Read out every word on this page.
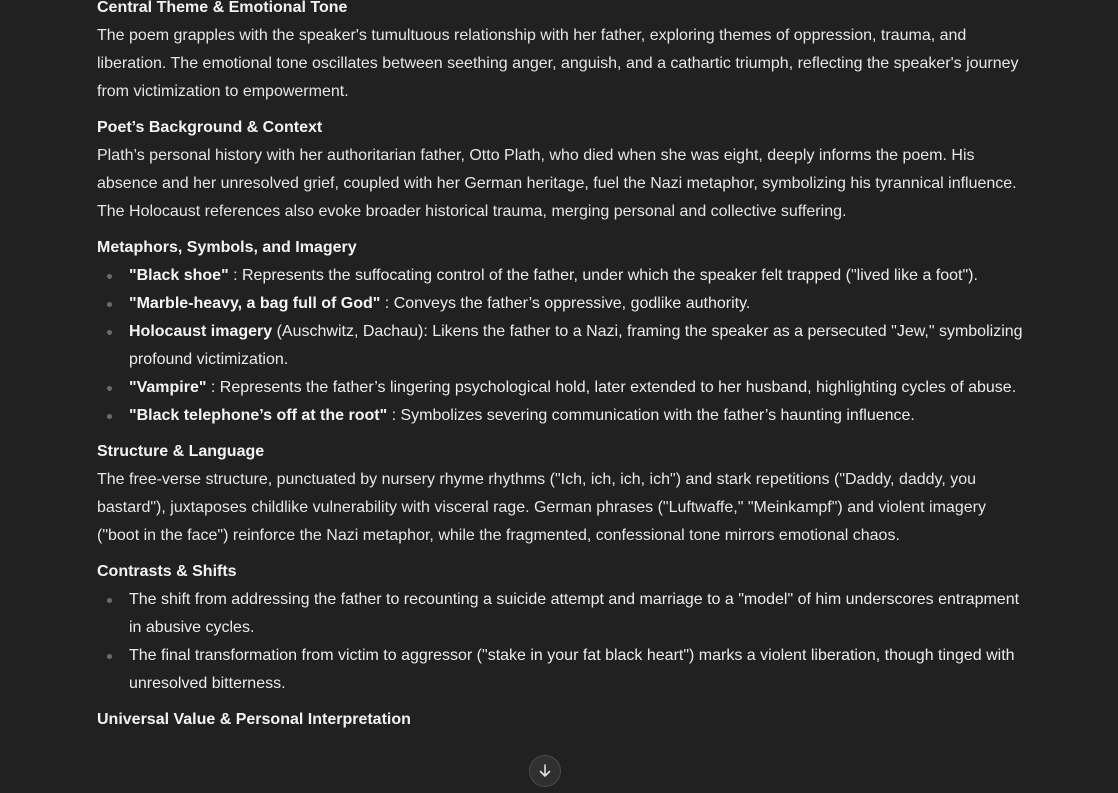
Central Theme & Emotional Tone

The poem grapples with the speaker's tumultuous relationship with her father, exploring themes of oppression, trauma, and liberation. The emotional tone oscillates between seething anger, anguish, and a cathartic triumph, reflecting the speaker's journey from victimization to empowerment.

Poet’s Background & Context

Plath’s personal history with her authoritarian father, Otto Plath, who died when she was eight, deeply informs the poem. His absence and her unresolved grief, coupled with her German heritage, fuel the Nazi metaphor, symbolizing his tyrannical influence. The Holocaust references also evoke broader historical trauma, merging personal and collective suffering.

Metaphors, Symbols, and Imagery
"Black shoe" : Represents the suffocating control of the father, under which the speaker felt trapped ("lived like a foot").
"Marble-heavy, a bag full of God" : Conveys the father’s oppressive, godlike authority.
Holocaust imagery (Auschwitz, Dachau): Likens the father to a Nazi, framing the speaker as a persecuted "Jew," symbolizing profound victimization.
"Vampire" : Represents the father’s lingering psychological hold, later extended to her husband, highlighting cycles of abuse.
"Black telephone’s off at the root" : Symbolizes severing communication with the father’s haunting influence.
Structure & Language

The free-verse structure, punctuated by nursery rhyme rhythms ("Ich, ich, ich, ich") and stark repetitions ("Daddy, daddy, you bastard"), juxtaposes childlike vulnerability with visceral rage. German phrases ("Luftwaffe," "Meinkampf") and violent imagery ("boot in the face") reinforce the Nazi metaphor, while the fragmented, confessional tone mirrors emotional chaos.

Contrasts & Shifts
The shift from addressing the father to recounting a suicide attempt and marriage to a "model" of him underscores entrapment in abusive cycles.
The final transformation from victim to aggressor ("stake in your fat black heart") marks a violent liberation, though tinged with unresolved bitterness.
Universal Value & Personal Interpretation
